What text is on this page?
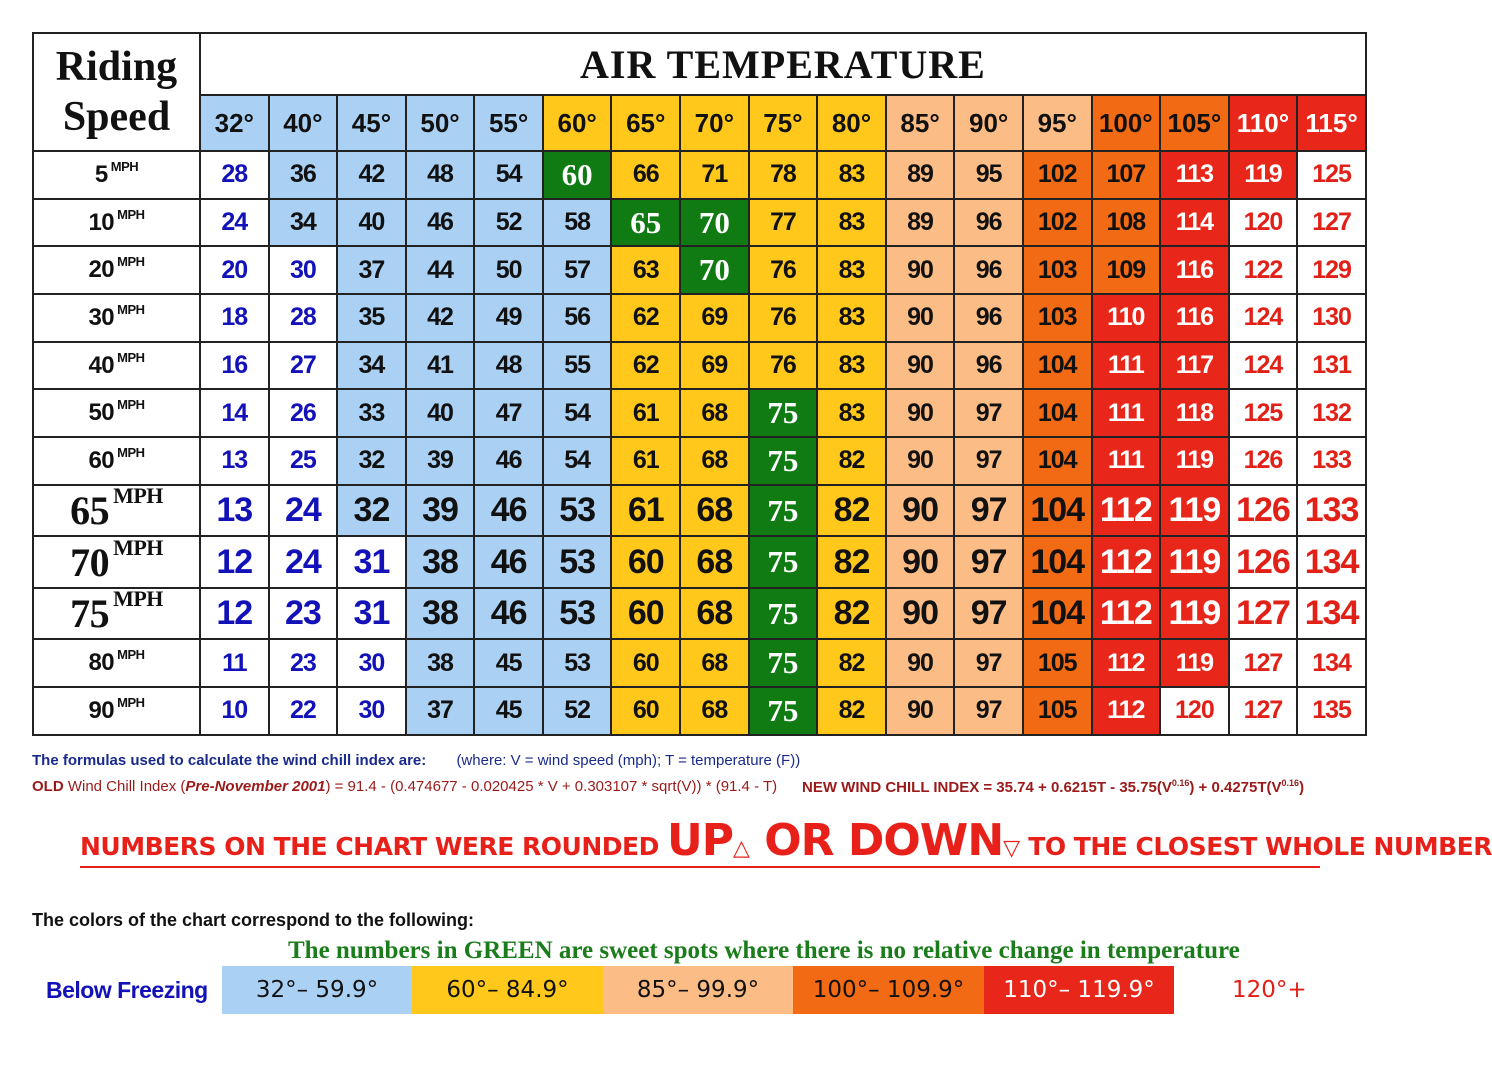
Riding
Speed	AIR TEMPERATURE																
	32°	40°	45°	50°	55°	60°	65°	70°	75°	80°	85°	90°	95°	100°	105°	110°	115°
5 $^{MPH}$	28	36	42	48	54	60	66	71	78	83	89	95	102	107	113	119	125
10 $^{MPH}$	24	34	40	46	52	58	65	70	77	83	89	96	102	108	114	120	127
20 $^{MPH}$	20	30	37	44	50	57	63	70	76	83	90	96	103	109	116	122	129
30 $^{MPH}$	18	28	35	42	49	56	62	69	76	83	90	96	103	110	116	124	130
40 $^{MPH}$	16	27	34	41	48	55	62	69	76	83	90	96	104	111	117	124	131
50 $^{MPH}$	14	26	33	40	47	54	61	68	75	83	90	97	104	111	118	125	132
60 $^{MPH}$	13	25	32	39	46	54	61	68	75	82	90	97	104	111	119	126	133
65 $^{MPH}$	13	24	32	39	46	53	61	68	75	82	90	97	104	112	119	126	133
70 $^{MPH}$	12	24	31	38	46	53	60	68	75	82	90	97	104	112	119	126	134
75 $^{MPH}$	12	23	31	38	46	53	60	68	75	82	90	97	104	112	119	127	134
80 $^{MPH}$	11	23	30	38	45	53	60	68	75	82	90	97	105	112	119	127	134
90 $^{MPH}$	10	22	30	37	45	52	60	68	75	82	90	97	105	112	120	127	135
The formulas used to calculate the wind chill index are: (where: V = wind speed (mph); T = temperature (F))
OLD Wind Chill Index (Pre-November 2001) = 91.4 - (0.474677 - 0.020425 * V + 0.303107 * sqrt(V)) * (91.4 - T) NEW WIND CHILL INDEX = $35.74 + 0.6215T - 35.75(V^{0.16}) + 0.4275T(V^{0.16})$
NUMBERS ON THE CHART WERE ROUNDED UP△ OR DOWN▽ TO THE CLOSEST WHOLE NUMBER
The colors of the chart correspond to the following:
The numbers in GREEN are sweet spots where there is no relative change in temperature
Below Freezing	32°– 59.9°	60°– 84.9°	85°– 99.9°	100°– 109.9°	110°– 119.9°	120°+
